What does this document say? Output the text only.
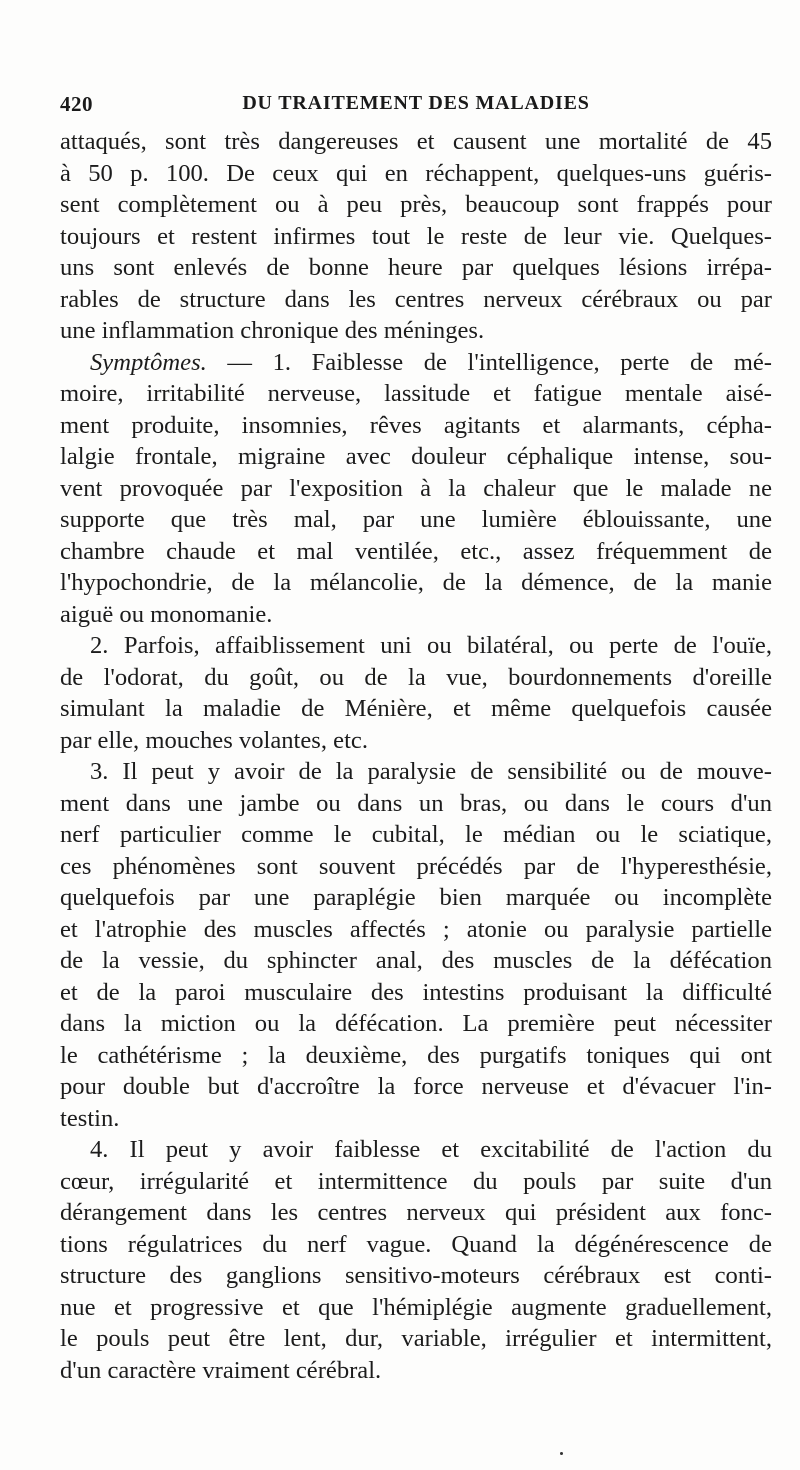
420	DU TRAITEMENT DES MALADIES
attaqués, sont très dangereuses et causent une mortalité de 45
à 50 p. 100. De ceux qui en réchappent, quelques-uns guéris-
sent complètement ou à peu près, beaucoup sont frappés pour
toujours et restent infirmes tout le reste de leur vie. Quelques-
uns sont enlevés de bonne heure par quelques lésions irrépa-
rables de structure dans les centres nerveux cérébraux ou par
une inflammation chronique des méninges.
Symptômes. — 1. Faiblesse de l'intelligence, perte de mé-
moire, irritabilité nerveuse, lassitude et fatigue mentale aisé-
ment produite, insomnies, rêves agitants et alarmants, cépha-
lalgie frontale, migraine avec douleur céphalique intense, sou-
vent provoquée par l'exposition à la chaleur que le malade ne
supporte que très mal, par une lumière éblouissante, une
chambre chaude et mal ventilée, etc., assez fréquemment de
l'hypochondrie, de la mélancolie, de la démence, de la manie
aiguë ou monomanie.
2. Parfois, affaiblissement uni ou bilatéral, ou perte de l'ouïe,
de l'odorat, du goût, ou de la vue, bourdonnements d'oreille
simulant la maladie de Ménière, et même quelquefois causée
par elle, mouches volantes, etc.
3. Il peut y avoir de la paralysie de sensibilité ou de mouve-
ment dans une jambe ou dans un bras, ou dans le cours d'un
nerf particulier comme le cubital, le médian ou le sciatique,
ces phénomènes sont souvent précédés par de l'hyperesthésie,
quelquefois par une paraplégie bien marquée ou incomplète
et l'atrophie des muscles affectés ; atonie ou paralysie partielle
de la vessie, du sphincter anal, des muscles de la défécation
et de la paroi musculaire des intestins produisant la difficulté
dans la miction ou la défécation. La première peut nécessiter
le cathétérisme ; la deuxième, des purgatifs toniques qui ont
pour double but d'accroître la force nerveuse et d'évacuer l'in-
testin.
4. Il peut y avoir faiblesse et excitabilité de l'action du
cœur, irrégularité et intermittence du pouls par suite d'un
dérangement dans les centres nerveux qui président aux fonc-
tions régulatrices du nerf vague. Quand la dégénérescence de
structure des ganglions sensitivo-moteurs cérébraux est conti-
nue et progressive et que l'hémiplégie augmente graduellement,
le pouls peut être lent, dur, variable, irrégulier et intermittent,
d'un caractère vraiment cérébral.
